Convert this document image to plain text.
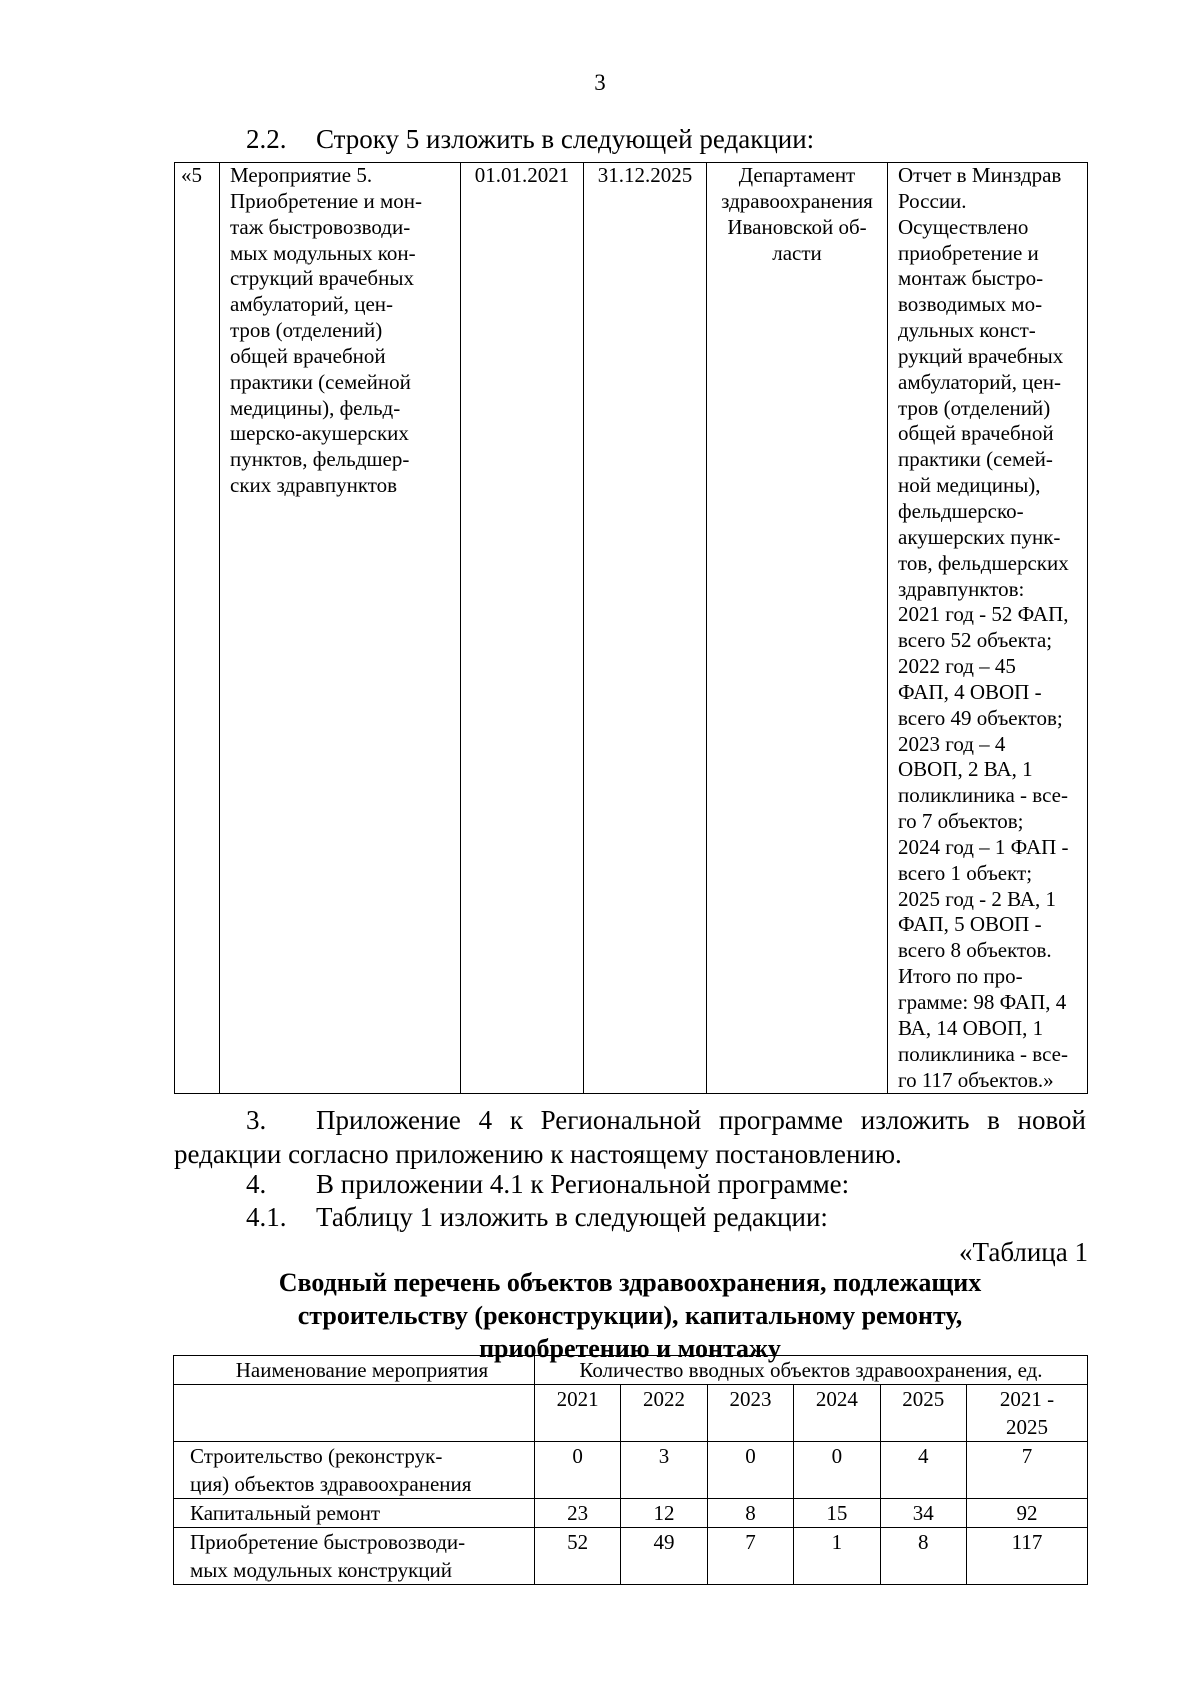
3
2.2. Строку 5 изложить в следующей редакции:
«5	Мероприятие 5.
Приобретение и мон-
таж быстровозводи-
мых модульных кон-
струкций врачебных
амбулаторий, цен-
тров (отделений)
общей врачебной
практики (семейной
медицины), фельд-
шерско-акушерских
пунктов, фельдшер-
ских здравпунктов	01.01.2021	31.12.2025	Департамент
здравоохранения
Ивановской об-
ласти	Отчет в Минздрав
России.
Осуществлено
приобретение и
монтаж быстро-
возводимых мо-
дульных конст-
рукций врачебных
амбулаторий, цен-
тров (отделений)
общей врачебной
практики (семей-
ной медицины),
фельдшерско-
акушерских пунк-
тов, фельдшерских
здравпунктов:
2021 год - 52 ФАП,
всего 52 объекта;
2022 год – 45
ФАП, 4 ОВОП -
всего 49 объектов;
2023 год – 4
ОВОП, 2 ВА, 1
поликлиника - все-
го 7 объектов;
2024 год – 1 ФАП -
всего 1 объект;
2025 год - 2 ВА, 1
ФАП, 5 ОВОП -
всего 8 объектов.
Итого по про-
грамме: 98 ФАП, 4
ВА, 14 ОВОП, 1
поликлиника - все-
го 117 объектов.»
3. Приложение 4 к Региональной программе изложить в новой редакции согласно приложению к настоящему постановлению.
4. В приложении 4.1 к Региональной программе:
4.1. Таблицу 1 изложить в следующей редакции:
«Таблица 1
Сводный перечень объектов здравоохранения, подлежащих
строительству (реконструкции), капитальному ремонту,
приобретению и монтажу
Наименование мероприятия	Количество вводных объектов здравоохранения, ед.					
	2021	2022	2023	2024	2025	2021 -
2025
Строительство (реконструк-
ция) объектов здравоохранения	0	3	0	0	4	7
Капитальный ремонт	23	12	8	15	34	92
Приобретение быстровозводи-
мых модульных конструкций	52	49	7	1	8	117
